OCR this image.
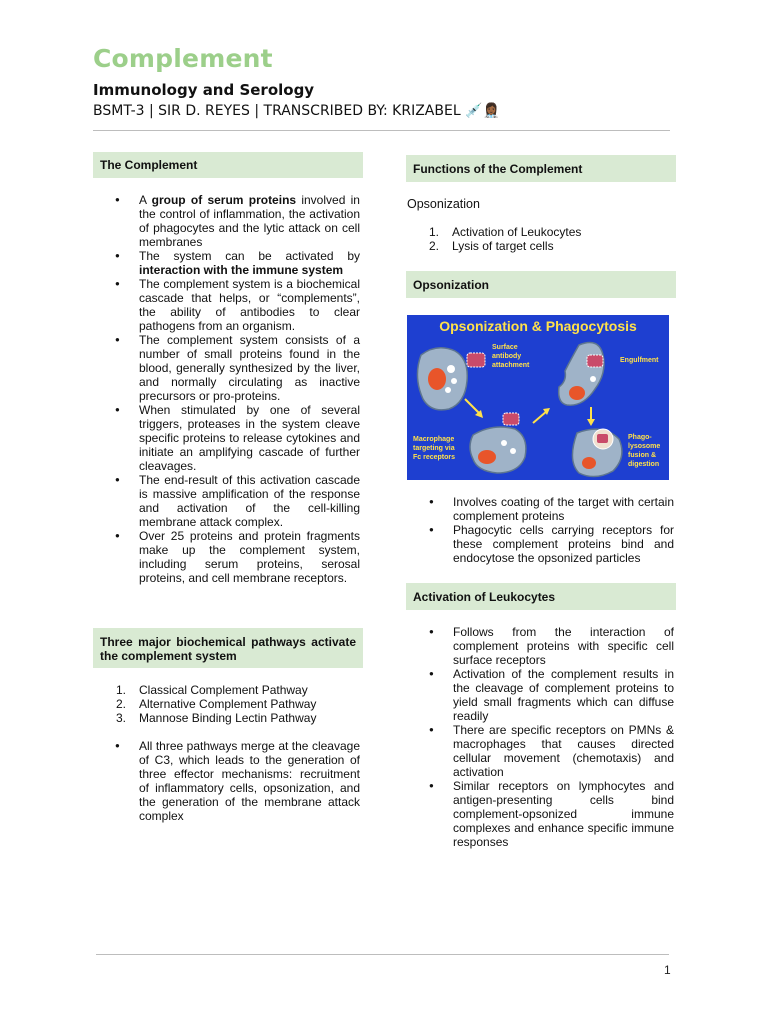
Complement
Immunology and Serology
BSMT-3 | SIR D. REYES | TRANSCRIBED BY: KRIZABEL 💉👩🏾‍⚕️
The Complement
● A group of serum proteins involved in the control of inflammation, the activation of phagocytes and the lytic attack on cell membranes
● The system can be activated by interaction with the immune system
● The complement system is a biochemical cascade that helps, or “complements”, the ability of antibodies to clear pathogens from an organism.
● The complement system consists of a number of small proteins found in the blood, generally synthesized by the liver, and normally circulating as inactive precursors or pro-proteins.
● When stimulated by one of several triggers, proteases in the system cleave specific proteins to release cytokines and initiate an amplifying cascade of further cleavages.
● The end-result of this activation cascade is massive amplification of the response and activation of the cell-killing membrane attack complex.
● Over 25 proteins and protein fragments make up the complement system, including serum proteins, serosal proteins, and cell membrane receptors.
Three major biochemical pathways activate the complement system
1. Classical Complement Pathway
2. Alternative Complement Pathway
3. Mannose Binding Lectin Pathway
● All three pathways merge at the cleavage of C3, which leads to the generation of three effector mechanisms: recruitment of inflammatory cells, opsonization, and the generation of the membrane attack complex
Functions of the Complement
Opsonization
1. Activation of Leukocytes
2. Lysis of target cells
Opsonization
Opsonization & Phagocytosis
Surface
antibody
attachment
Engulfment
Macrophage
targeting via
Fc receptors
Phago-
lysosome
fusion &
digestion
● Involves coating of the target with certain complement proteins
● Phagocytic cells carrying receptors for these complement proteins bind and endocytose the opsonized particles
Activation of Leukocytes
● Follows from the interaction of complement proteins with specific cell surface receptors
● Activation of the complement results in the cleavage of complement proteins to yield small fragments which can diffuse readily
● There are specific receptors on PMNs & macrophages that causes directed cellular movement (chemotaxis) and activation
● Similar receptors on lymphocytes and antigen-presenting cells bind complement-opsonized immune complexes and enhance specific immune responses
1
